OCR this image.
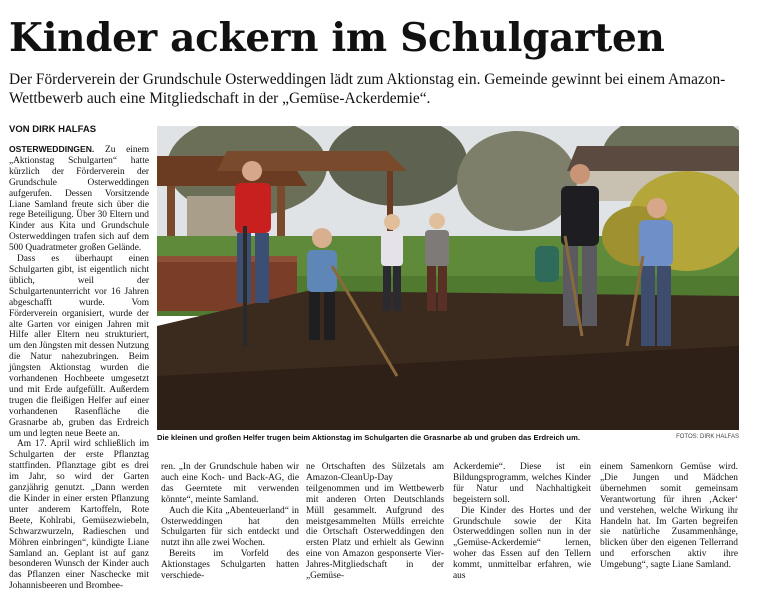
Kinder ackern im Schulgarten
Der Förderverein der Grundschule Osterweddingen lädt zum Aktionstag ein. Gemeinde gewinnt bei einem Amazon-Wettbewerb auch eine Mitgliedschaft in der „Gemüse-Ackerdemie“.
VON DIRK HALFAS

OSTERWEDDINGEN. Zu einem „Aktionstag Schulgarten“ hatte kürzlich der Förderverein der Grundschule Osterweddingen aufgerufen. Dessen Vorsitzende Liane Samland freute sich über die rege Beteiligung. Über 30 Eltern und Kinder aus Kita und Grundschule Osterweddingen trafen sich auf dem 500 Quadratmeter großen Gelände.

Dass es überhaupt einen Schulgarten gibt, ist eigentlich nicht üblich, weil der Schulgartenunterricht vor 16 Jahren abgeschafft wurde. Vom Förderverein organisiert, wurde der alte Garten vor einigen Jahren mit Hilfe aller Eltern neu strukturiert, um den Jüngsten mit dessen Nutzung die Natur nahezubringen. Beim jüngsten Aktionstag wurden die vorhandenen Hochbeete umgesetzt und mit Erde aufgefüllt. Außerdem trugen die fleißigen Helfer auf einer vorhandenen Rasenfläche die Grasnarbe ab, gruben das Erdreich um und legten neue Beete an.

Am 17. April wird schließlich im Schulgarten der erste Pflanztag stattfinden. Pflanztage gibt es drei im Jahr, so wird der Garten ganzjährig genutzt. „Dann werden die Kinder in einer ersten Pflanzung unter anderem Kartoffeln, Rote Beete, Kohlrabi, Gemüsezwiebeln, Schwarzwurzeln, Radieschen und Möhren einbringen“, kündigte Liane Samland an. Geplant ist auf ganz besonderen Wunsch der Kinder auch das Pflanzen einer Naschecke mit Johannisbeeren und Brombee-

Die kleinen und großen Helfer trugen beim Aktionstag im Schulgarten die Grasnarbe ab und gruben das Erdreich um.	FOTOS: DIRK HALFAS

ren. „In der Grundschule haben wir auch eine Koch- und Back-AG, die das Geerntete mit verwenden könnte“, meinte Samland.

Auch die Kita „Abenteuerland“ in Osterweddingen hat den Schulgarten für sich entdeckt und nutzt ihn alle zwei Wochen.

Bereits im Vorfeld des Aktionstages Schulgarten hatten verschiede-

ne Ortschaften des Sülzetals am Amazon-CleanUp-Day teilgenommen und im Wettbewerb mit anderen Orten Deutschlands Müll gesammelt. Aufgrund des meistgesammelten Mülls erreichte die Ortschaft Osterweddingen den ersten Platz und erhielt als Gewinn eine von Amazon gesponserte Vier-Jahres-Mitgliedschaft in der „Gemüse-

Ackerdemie“. Diese ist ein Bildungsprogramm, welches Kinder für Natur und Nachhaltigkeit begeistern soll.

Die Kinder des Hortes und der Grundschule sowie der Kita Osterweddingen sollen nun in der „Gemüse-Ackerdemie“ lernen, woher das Essen auf den Tellern kommt, unmittelbar erfahren, wie aus

einem Samenkorn Gemüse wird. „Die Jungen und Mädchen übernehmen somit gemeinsam Verantwortung für ihren ‚Acker‘ und verstehen, welche Wirkung ihr Handeln hat. Im Garten begreifen sie natürliche Zusammenhänge, blicken über den eigenen Tellerrand und erforschen aktiv ihre Umgebung“, sagte Liane Samland.
